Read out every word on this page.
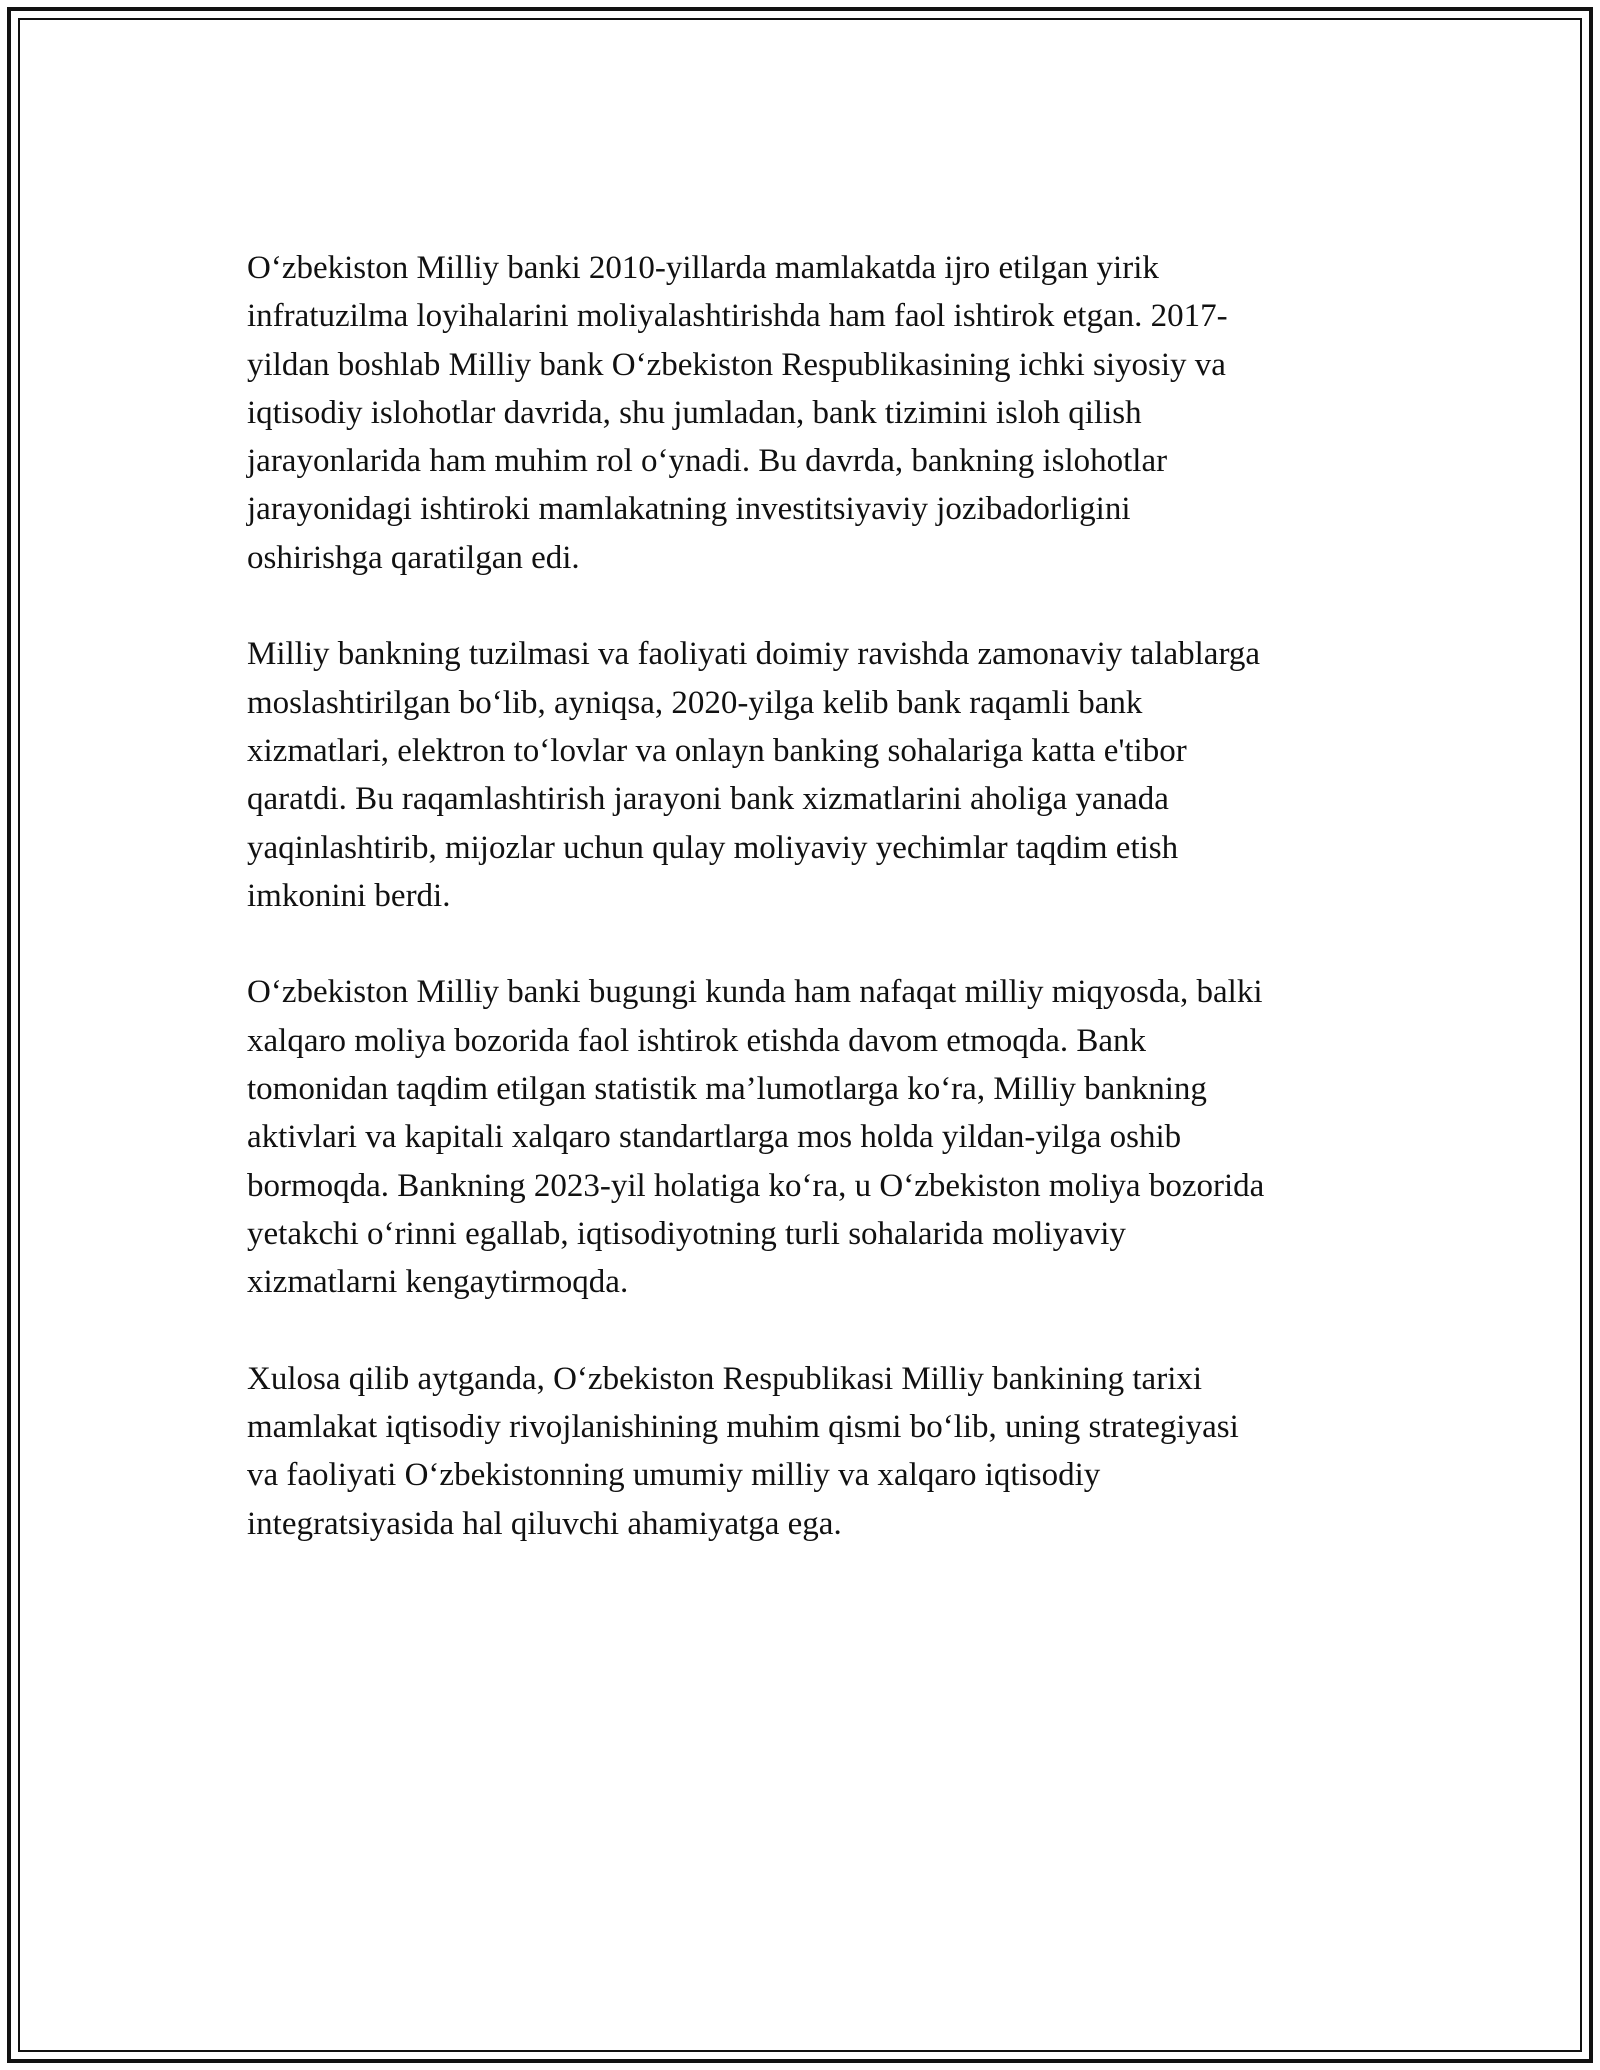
O‘zbekiston Milliy banki 2010-yillarda mamlakatda ijro etilgan yirik
infratuzilma loyihalarini moliyalashtirishda ham faol ishtirok etgan. 2017-
yildan boshlab Milliy bank O‘zbekiston Respublikasining ichki siyosiy va
iqtisodiy islohotlar davrida, shu jumladan, bank tizimini isloh qilish
jarayonlarida ham muhim rol o‘ynadi. Bu davrda, bankning islohotlar
jarayonidagi ishtiroki mamlakatning investitsiyaviy jozibadorligini
oshirishga qaratilgan edi.

Milliy bankning tuzilmasi va faoliyati doimiy ravishda zamonaviy talablarga
moslashtirilgan bo‘lib, ayniqsa, 2020-yilga kelib bank raqamli bank
xizmatlari, elektron to‘lovlar va onlayn banking sohalariga katta e'tibor
qaratdi. Bu raqamlashtirish jarayoni bank xizmatlarini aholiga yanada
yaqinlashtirib, mijozlar uchun qulay moliyaviy yechimlar taqdim etish
imkonini berdi.

O‘zbekiston Milliy banki bugungi kunda ham nafaqat milliy miqyosda, balki
xalqaro moliya bozorida faol ishtirok etishda davom etmoqda. Bank
tomonidan taqdim etilgan statistik ma’lumotlarga ko‘ra, Milliy bankning
aktivlari va kapitali xalqaro standartlarga mos holda yildan-yilga oshib
bormoqda. Bankning 2023-yil holatiga ko‘ra, u O‘zbekiston moliya bozorida
yetakchi o‘rinni egallab, iqtisodiyotning turli sohalarida moliyaviy
xizmatlarni kengaytirmoqda.

Xulosa qilib aytganda, O‘zbekiston Respublikasi Milliy bankining tarixi
mamlakat iqtisodiy rivojlanishining muhim qismi bo‘lib, uning strategiyasi
va faoliyati O‘zbekistonning umumiy milliy va xalqaro iqtisodiy
integratsiyasida hal qiluvchi ahamiyatga ega.
